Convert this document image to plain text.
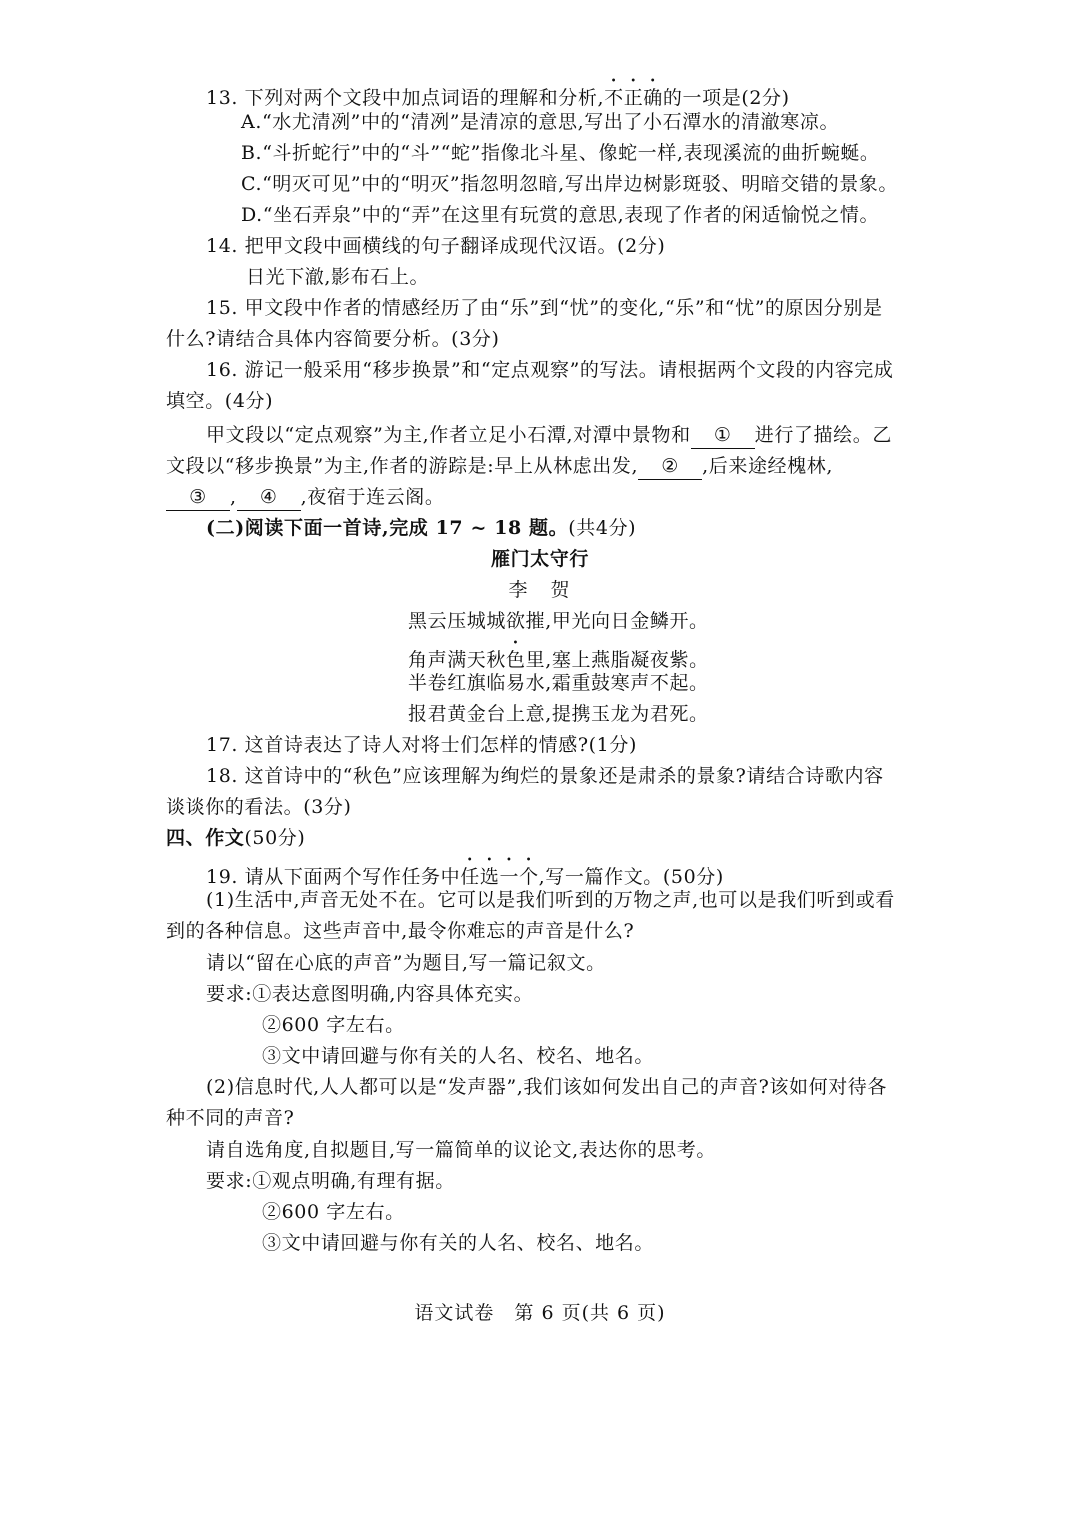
13. 下列对两个文段中加点词语的理解和分析,不正确的一项是(2分)
A.“水尤清冽”中的“清冽”是清凉的意思,写出了小石潭水的清澈寒凉。
B.“斗折蛇行”中的“斗”“蛇”指像北斗星、像蛇一样,表现溪流的曲折蜿蜒。
C.“明灭可见”中的“明灭”指忽明忽暗,写出岸边树影斑驳、明暗交错的景象。
D.“坐石弄泉”中的“弄”在这里有玩赏的意思,表现了作者的闲适愉悦之情。
14. 把甲文段中画横线的句子翻译成现代汉语。(2分)
日光下澈,影布石上。
15. 甲文段中作者的情感经历了由“乐”到“忧”的变化,“乐”和“忧”的原因分别是
什么?请结合具体内容简要分析。(3分)
16. 游记一般采用“移步换景”和“定点观察”的写法。请根据两个文段的内容完成
填空。(4分)
甲文段以“定点观察”为主,作者立足小石潭,对潭中景物和 ① 进行了描绘。乙
文段以“移步换景”为主,作者的游踪是:早上从林虑出发, ② ,后来途经槐林,
③ , ④ ,夜宿于连云阁。
(二)阅读下面一首诗,完成 17 ~ 18 题。(共4分)
雁门太守行
李　贺
黑云压城城欲摧,甲光向日金鳞开。
角声满天秋色里,塞上燕脂凝夜紫。
半卷红旗临易水,霜重鼓寒声不起。
报君黄金台上意,提携玉龙为君死。
17. 这首诗表达了诗人对将士们怎样的情感?(1分)
18. 这首诗中的“秋色”应该理解为绚烂的景象还是肃杀的景象?请结合诗歌内容
谈谈你的看法。(3分)
四、作文(50分)
19. 请从下面两个写作任务中任选一个,写一篇作文。(50分)
(1)生活中,声音无处不在。它可以是我们听到的万物之声,也可以是我们听到或看
到的各种信息。这些声音中,最令你难忘的声音是什么?
请以“留在心底的声音”为题目,写一篇记叙文。
要求:①表达意图明确,内容具体充实。
②600 字左右。
③文中请回避与你有关的人名、校名、地名。
(2)信息时代,人人都可以是“发声器”,我们该如何发出自己的声音?该如何对待各
种不同的声音?
请自选角度,自拟题目,写一篇简单的议论文,表达你的思考。
要求:①观点明确,有理有据。
②600 字左右。
③文中请回避与你有关的人名、校名、地名。
语文试卷　第 6 页(共 6 页)
